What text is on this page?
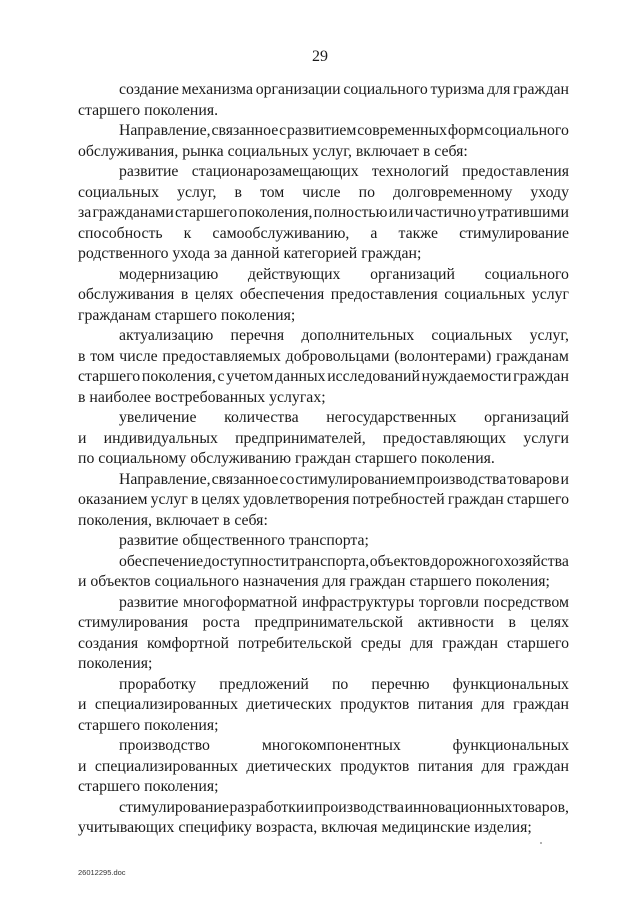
29
создание механизма организации социального туризма для граждан
старшего поколения.
Направление, связанное с развитием современных форм социального
обслуживания, рынка социальных услуг, включает в себя:
развитие стационарозамещающих технологий предоставления
социальных услуг, в том числе по долговременному уходу
за гражданами старшего поколения, полностью или частично утратившими
способность к самообслуживанию, а также стимулирование
родственного ухода за данной категорией граждан;
модернизацию действующих организаций социального
обслуживания в целях обеспечения предоставления социальных услуг
гражданам старшего поколения;
актуализацию перечня дополнительных социальных услуг,
в том числе предоставляемых добровольцами (волонтерами) гражданам
старшего поколения, с учетом данных исследований нуждаемости граждан
в наиболее востребованных услугах;
увеличение количества негосударственных организаций
и индивидуальных предпринимателей, предоставляющих услуги
по социальному обслуживанию граждан старшего поколения.
Направление, связанное со стимулированием производства товаров и
оказанием услуг в целях удовлетворения потребностей граждан старшего
поколения, включает в себя:
развитие общественного транспорта;
обеспечение доступности транспорта, объектов дорожного хозяйства
и объектов социального назначения для граждан старшего поколения;
развитие многоформатной инфраструктуры торговли посредством
стимулирования роста предпринимательской активности в целях
создания комфортной потребительской среды для граждан старшего
поколения;
проработку предложений по перечню функциональных
и специализированных диетических продуктов питания для граждан
старшего поколения;
производство	многокомпонентных	функциональных
и специализированных диетических продуктов питания для граждан
старшего поколения;
стимулирование разработки и производства инновационных товаров,
учитывающих специфику возраста, включая медицинские изделия;
26012295.doc
